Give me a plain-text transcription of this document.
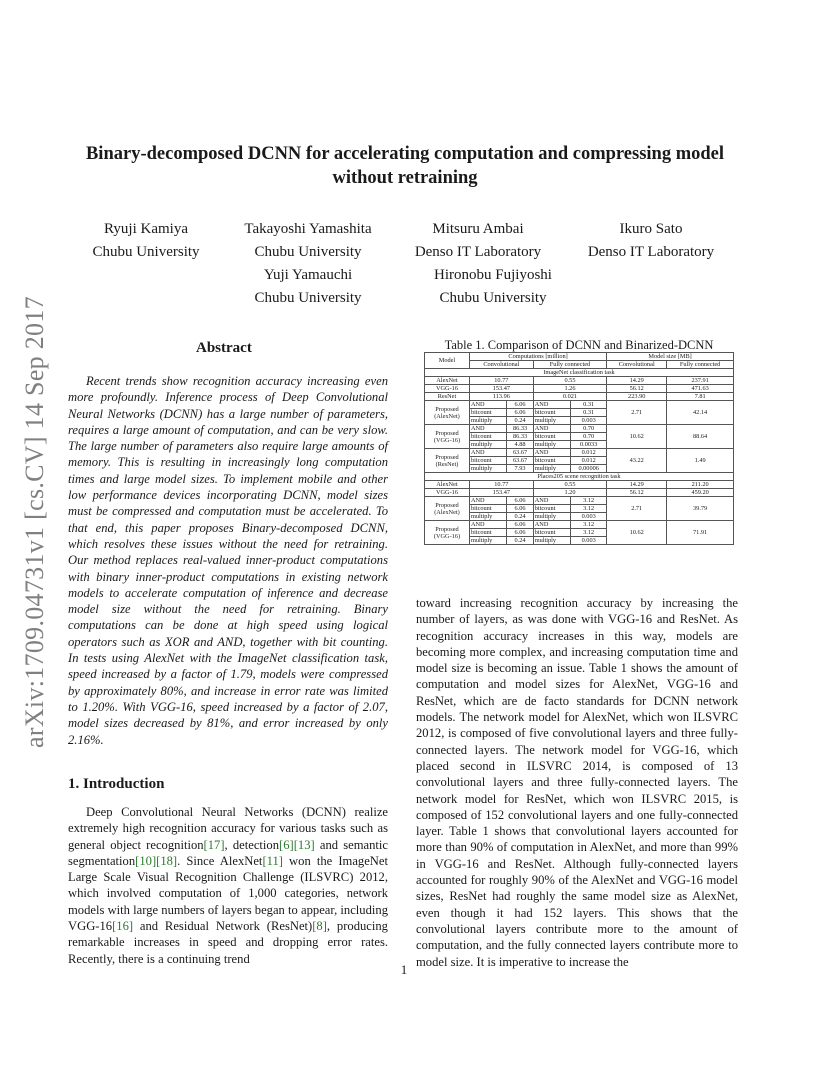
arXiv:1709.04731v1 [cs.CV] 14 Sep 2017
Binary-decomposed DCNN for accelerating computation and compressing model
without retraining
Ryuji Kamiya
Chubu University
Takayoshi Yamashita
Chubu University
Mitsuru Ambai
Denso IT Laboratory
Ikuro Sato
Denso IT Laboratory
Yuji Yamauchi
Chubu University
Hironobu Fujiyoshi
Chubu University
Abstract

Recent trends show recognition accuracy increasing even more profoundly. Inference process of Deep Convolutional Neural Networks (DCNN) has a large number of parameters, requires a large amount of computation, and can be very slow. The large number of parameters also require large amounts of memory. This is resulting in increasingly long computation times and large model sizes. To implement mobile and other low performance devices incorporating DCNN, model sizes must be compressed and computation must be accelerated. To that end, this paper proposes Binary-decomposed DCNN, which resolves these issues without the need for retraining. Our method replaces real-valued inner-product computations with binary inner-product computations in existing network models to accelerate computation of inference and decrease model size without the need for retraining. Binary computations can be done at high speed using logical operators such as XOR and AND, together with bit counting. In tests using AlexNet with the ImageNet classification task, speed increased by a factor of 1.79, models were compressed by approximately 80%, and increase in error rate was limited to 1.20%. With VGG-16, speed increased by a factor of 2.07, model sizes decreased by 81%, and error increased by only 2.16%.

1. Introduction

Deep Convolutional Neural Networks (DCNN) realize extremely high recognition accuracy for various tasks such as general object recognition[17], detection[6][13] and semantic segmentation[10][18]. Since AlexNet[11] won the ImageNet Large Scale Visual Recognition Challenge (ILSVRC) 2012, which involved computation of 1,000 categories, network models with large numbers of layers began to appear, including VGG-16[16] and Residual Network (ResNet)[8], producing remarkable increases in speed and dropping error rates. Recently, there is a continuing trend

toward increasing recognition accuracy by increasing the number of layers, as was done with VGG-16 and ResNet. As recognition accuracy increases in this way, models are becoming more complex, and increasing computation time and model size is becoming an issue. Table 1 shows the amount of computation and model sizes for AlexNet, VGG-16 and ResNet, which are de facto standards for DCNN network models. The network model for AlexNet, which won ILSVRC 2012, is composed of five convolutional layers and three fully-connected layers. The network model for VGG-16, which placed second in ILSVRC 2014, is composed of 13 convolutional layers and three fully-connected layers. The network model for ResNet, which won ILSVRC 2015, is composed of 152 convolutional layers and one fully-connected layer. Table 1 shows that convolutional layers accounted for more than 90% of computation in AlexNet, and more than 99% in VGG-16 and ResNet. Although fully-connected layers accounted for roughly 90% of the AlexNet and VGG-16 model sizes, ResNet had roughly the same model size as AlexNet, even though it had 152 layers. This shows that the convolutional layers contribute more to the amount of computation, and the fully connected layers contribute more to model size. It is imperative to increase the

Table 1. Comparison of DCNN and Binarized-DCNN

Model	Computations [million]				Model size [MB]	
	Convolutional		Fully connected		Convolutional	Fully connected
ImageNet classification task						
AlexNet	10.77		0.55		14.29	237.91
VGG-16	153.47		1.26		56.12	471.63
ResNet	113.96		0.021		223.90	7.81

Proposed
(AlexNet)	AND	6.06	AND	0.31	2.71	42.14
	bitcount	6.06	bitcount	0.31		
	multiply	0.24	multiply	0.003		

Proposed
(VGG-16)	AND	86.33	AND	0.70	10.62	88.64
	bitcount	86.33	bitcount	0.70		
	multiply	4.88	multiply	0.0033		

Proposed
(ResNet)	AND	63.67	AND	0.012	43.22	1.49
	bitcount	63.67	bitcount	0.012		
	multiply	7.93	multiply	0.00006		
Places205 scene recognition task						
AlexNet	10.77		0.55		14.29	211.20
VGG-16	153.47		1.20		56.12	459.20

Proposed
(AlexNet)	AND	6.06	AND	3.12	2.71	39.79
	bitcount	6.06	bitcount	3.12		
	multiply	0.24	multiply	0.003		

Proposed
(VGG-16)	AND	6.06	AND	3.12	10.62	71.91
	bitcount	6.06	bitcount	3.12		
	multiply	0.24	multiply	0.003		
1
